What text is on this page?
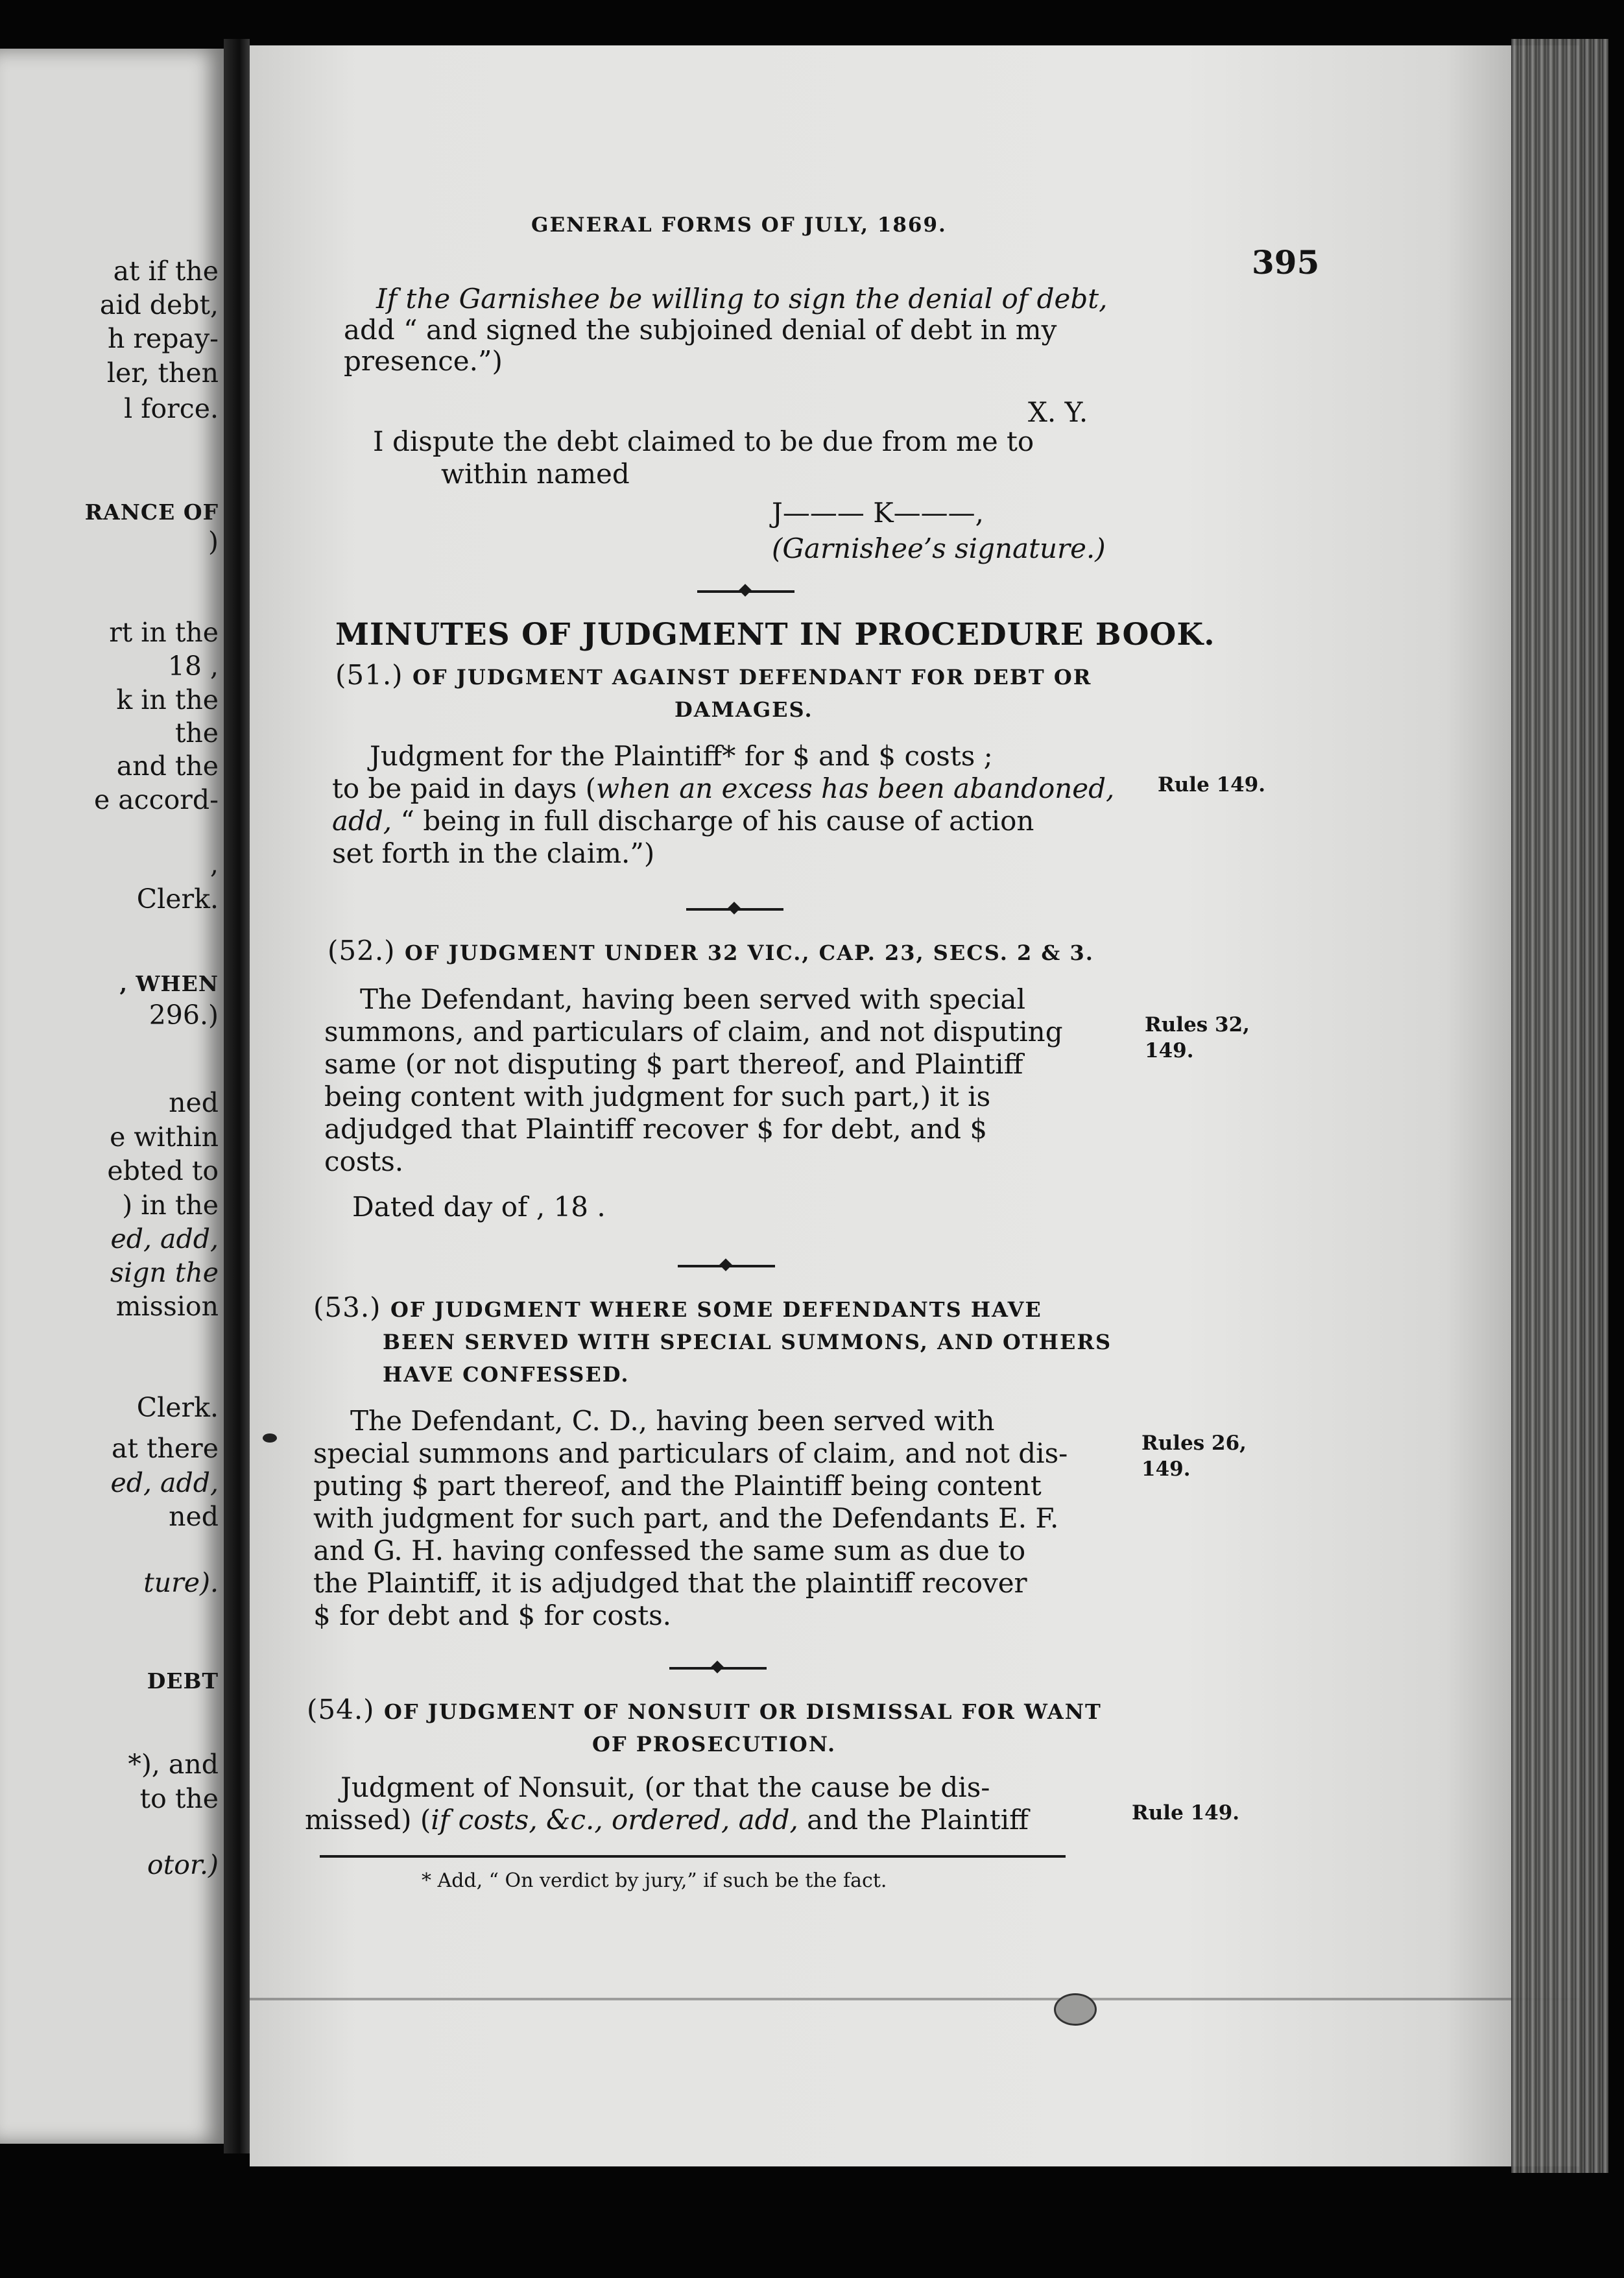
at if the
aid debt,
h repay-
ler, then
l force.
RANCE OF
)
rt in the
18 ,
k in the
the
and the
e accord-
,
Clerk.
, WHEN
296.)
ned
e within
ebted to
) in the
ed, add,
sign the
mission
Clerk.
at there
ed, add,
ned
ture).
DEBT
*), and
to the
otor.)
GENERAL FORMS OF JULY, 1869.
395
If the Garnishee be willing to sign the denial of debt,
add “ and signed the subjoined denial of debt in my
presence.”)
X. Y.
I dispute the debt claimed to be due from me to
within named
J——— K———,
(Garnishee’s signature.)
MINUTES OF JUDGMENT IN PROCEDURE BOOK.
(51.) OF JUDGMENT AGAINST DEFENDANT FOR DEBT OR
DAMAGES.
Judgment for the Plaintiff* for $ and $ costs ;
to be paid in days (when an excess has been abandoned,
add, “ being in full discharge of his cause of action
set forth in the claim.”)
Rule 149.
(52.) OF JUDGMENT UNDER 32 VIC., CAP. 23, SECS. 2 & 3.
The Defendant, having been served with special
summons, and particulars of claim, and not disputing
same (or not disputing $ part thereof, and Plaintiff
being content with judgment for such part,) it is
adjudged that Plaintiff recover $ for debt, and $
costs.
Dated day of , 18 .
Rules 32,
149.
(53.) OF JUDGMENT WHERE SOME DEFENDANTS HAVE
BEEN SERVED WITH SPECIAL SUMMONS, AND OTHERS
HAVE CONFESSED.
The Defendant, C. D., having been served with
special summons and particulars of claim, and not dis-
puting $ part thereof, and the Plaintiff being content
with judgment for such part, and the Defendants E. F.
and G. H. having confessed the same sum as due to
the Plaintiff, it is adjudged that the plaintiff recover
$ for debt and $ for costs.
Rules 26,
149.
(54.) OF JUDGMENT OF NONSUIT OR DISMISSAL FOR WANT
OF PROSECUTION.
Judgment of Nonsuit, (or that the cause be dis-
missed) (if costs, &c., ordered, add, and the Plaintiff	Rule 149.
* Add, “ On verdict by jury,” if such be the fact.
